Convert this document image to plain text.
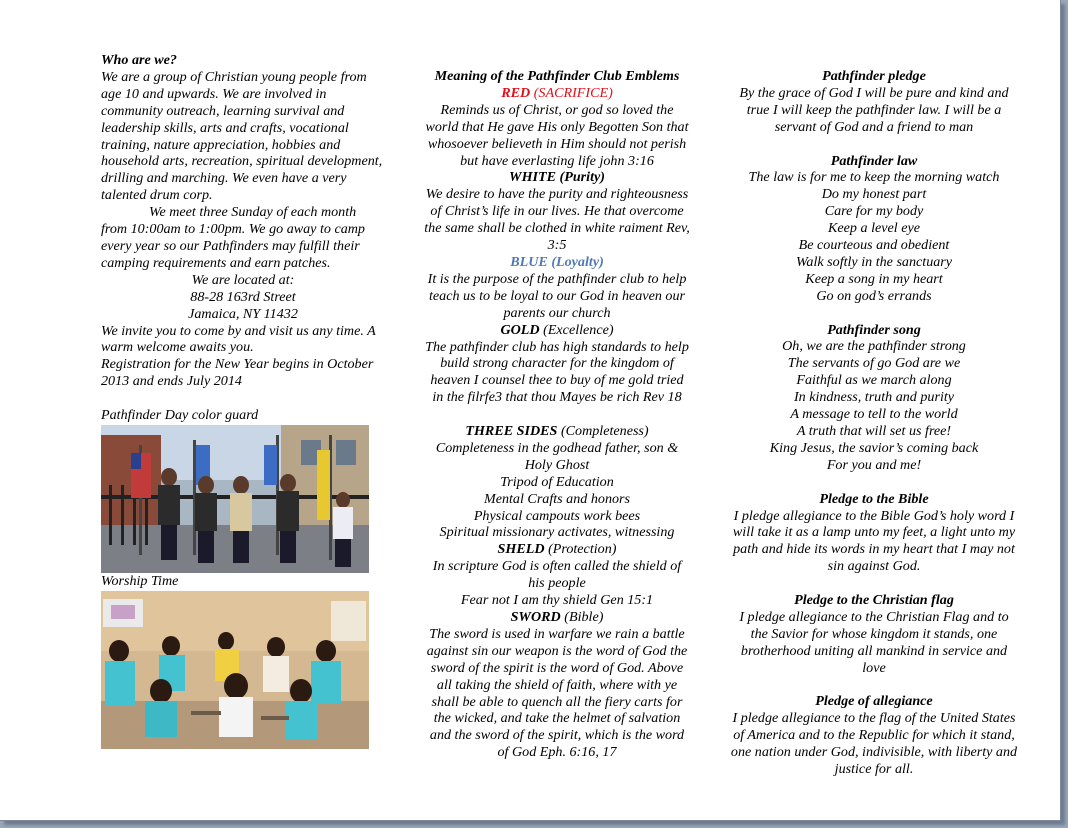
Who are we?

We are a group of Christian young people from age 10 and upwards. We are involved in community outreach, learning survival and leadership skills, arts and crafts, vocational training, nature appreciation, hobbies and household arts, recreation, spiritual development, drilling and marching. We even have a very talented drum corp.

We meet three Sunday of each month from 10:00am to 1:00pm. We go away to camp every year so our Pathfinders may fulfill their camping requirements and earn patches.

We are located at:

88-28 163rd Street

Jamaica, NY 11432

We invite you to come by and visit us any time. A warm welcome awaits you.

Registration for the New Year begins in October 2013 and ends July 2014

Pathfinder Day color guard

Worship Time

Meaning of the Pathfinder Club Emblems

RED (SACRIFICE)

Reminds us of Christ, or god so loved the world that He gave His only Begotten Son that whosoever believeth in Him should not perish but have everlasting life john 3:16

WHITE (Purity)

We desire to have the purity and righteousness of Christ’s life in our lives. He that overcome the same shall be clothed in white raiment Rev, 3:5

BLUE (Loyalty)

It is the purpose of the pathfinder club to help teach us to be loyal to our God in heaven our parents our church

GOLD (Excellence)

The pathfinder club has high standards to help build strong character for the kingdom of heaven I counsel thee to buy of me gold tried in the filrfe3 that thou Mayes be rich Rev 18

THREE SIDES (Completeness)

Completeness in the godhead father, son & Holy Ghost

Tripod of Education

Mental Crafts and honors

Physical campouts work bees

Spiritual missionary activates, witnessing

SHELD (Protection)

In scripture God is often called the shield of his people

Fear not I am thy shield Gen 15:1

SWORD (Bible)

The sword is used in warfare we rain a battle against sin our weapon is the word of God the sword of the spirit is the word of God. Above all taking the shield of faith, where with ye shall be able to quench all the fiery carts for the wicked, and take the helmet of salvation and the sword of the spirit, which is the word of God Eph. 6:16, 17

Pathfinder pledge

By the grace of God I will be pure and kind and true I will keep the pathfinder law. I will be a servant of God and a friend to man

Pathfinder law

The law is for me to keep the morning watch

Do my honest part

Care for my body

Keep a level eye

Be courteous and obedient

Walk softly in the sanctuary

Keep a song in my heart

Go on god’s errands

Pathfinder song

Oh, we are the pathfinder strong

The servants of go God are we

Faithful as we march along

In kindness, truth and purity

A message to tell to the world

A truth that will set us free!

King Jesus, the savior’s coming back

For you and me!

Pledge to the Bible

I pledge allegiance to the Bible God’s holy word I will take it as a lamp unto my feet, a light unto my path and hide its words in my heart that I may not sin against God.

Pledge to the Christian flag

I pledge allegiance to the Christian Flag and to the Savior for whose kingdom it stands, one brotherhood uniting all mankind in service and love

Pledge of allegiance

I pledge allegiance to the flag of the United States of America and to the Republic for which it stand, one nation under God, indivisible, with liberty and justice for all.
